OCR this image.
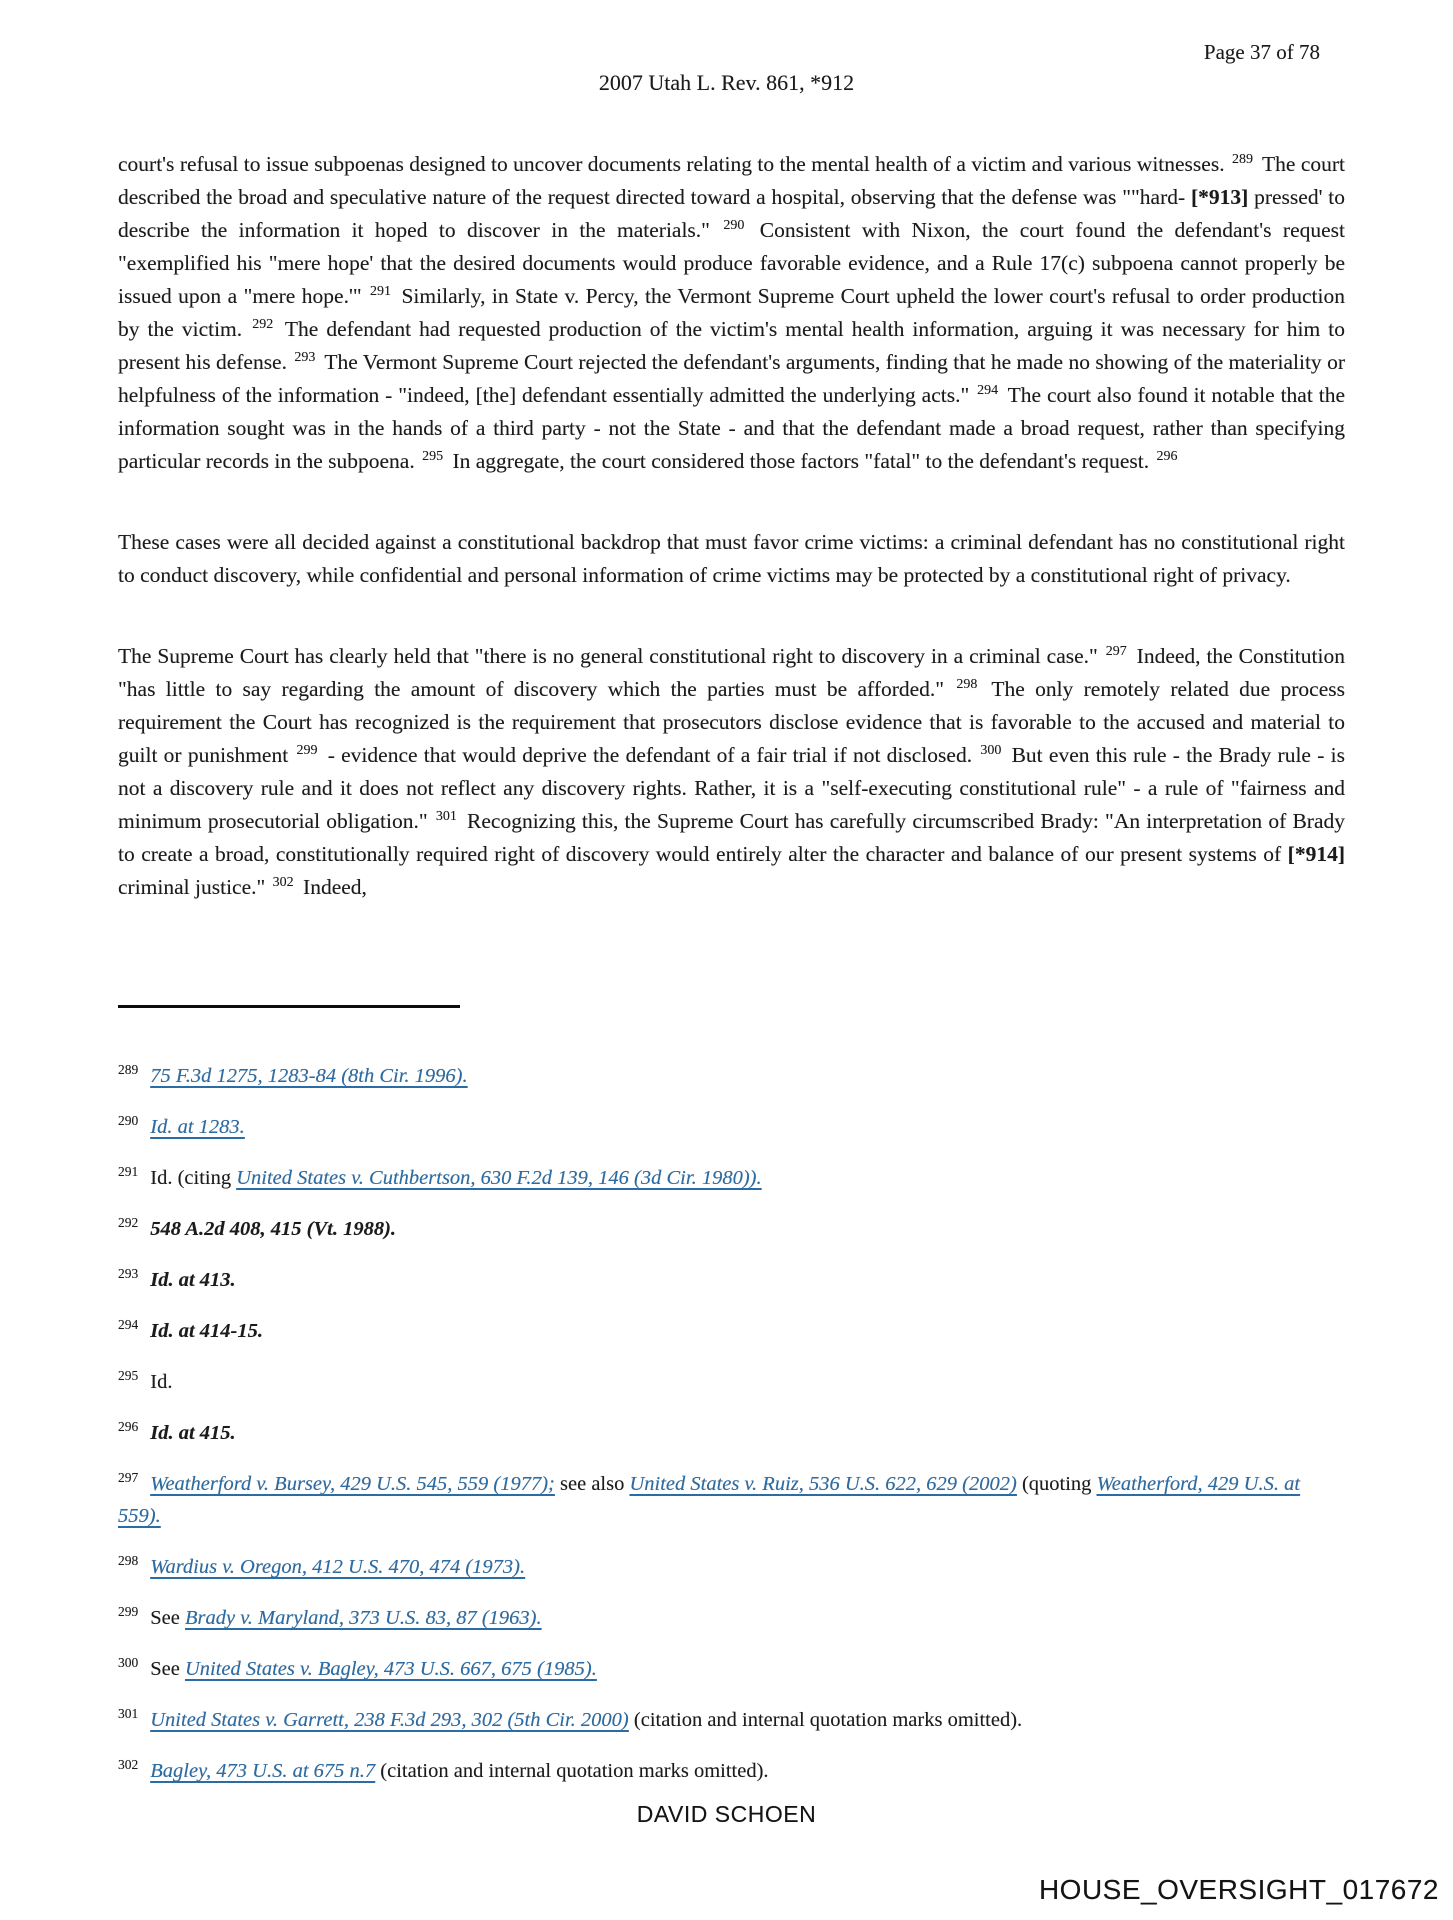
Page 37 of 78
2007 Utah L. Rev. 861, *912

court's refusal to issue subpoenas designed to uncover documents relating to the mental health of a victim and various witnesses. $^{289}$ The court described the broad and speculative nature of the request directed toward a hospital, observing that the defense was ""hard- [*913] pressed' to describe the information it hoped to discover in the materials." $^{290}$ Consistent with Nixon, the court found the defendant's request "exemplified his "mere hope' that the desired documents would produce favorable evidence, and a Rule 17(c) subpoena cannot properly be issued upon a "mere hope.'" $^{291}$ Similarly, in State v. Percy, the Vermont Supreme Court upheld the lower court's refusal to order production by the victim. $^{292}$ The defendant had requested production of the victim's mental health information, arguing it was necessary for him to present his defense. $^{293}$ The Vermont Supreme Court rejected the defendant's arguments, finding that he made no showing of the materiality or helpfulness of the information - "indeed, [the] defendant essentially admitted the underlying acts." $^{294}$ The court also found it notable that the information sought was in the hands of a third party - not the State - and that the defendant made a broad request, rather than specifying particular records in the subpoena. $^{295}$ In aggregate, the court considered those factors "fatal" to the defendant's request. $^{296}$

These cases were all decided against a constitutional backdrop that must favor crime victims: a criminal defendant has no constitutional right to conduct discovery, while confidential and personal information of crime victims may be protected by a constitutional right of privacy.

The Supreme Court has clearly held that "there is no general constitutional right to discovery in a criminal case." $^{297}$ Indeed, the Constitution "has little to say regarding the amount of discovery which the parties must be afforded." $^{298}$ The only remotely related due process requirement the Court has recognized is the requirement that prosecutors disclose evidence that is favorable to the accused and material to guilt or punishment $^{299}$ - evidence that would deprive the defendant of a fair trial if not disclosed. $^{300}$ But even this rule - the Brady rule - is not a discovery rule and it does not reflect any discovery rights. Rather, it is a "self-executing constitutional rule" - a rule of "fairness and minimum prosecutorial obligation." $^{301}$ Recognizing this, the Supreme Court has carefully circumscribed Brady: "An interpretation of Brady to create a broad, constitutionally required right of discovery would entirely alter the character and balance of our present systems of [*914] criminal justice." $^{302}$ Indeed,

$^{289}$ 75 F.3d 1275, 1283-84 (8th Cir. 1996).
$^{290}$ Id. at 1283.
$^{291}$ Id. (citing United States v. Cuthbertson, 630 F.2d 139, 146 (3d Cir. 1980)).
$^{292}$ 548 A.2d 408, 415 (Vt. 1988).
$^{293}$ Id. at 413.
$^{294}$ Id. at 414-15.
$^{295}$ Id.
$^{296}$ Id. at 415.
$^{297}$ Weatherford v. Bursey, 429 U.S. 545, 559 (1977); see also United States v. Ruiz, 536 U.S. 622, 629 (2002) (quoting Weatherford, 429 U.S. at 559).
$^{298}$ Wardius v. Oregon, 412 U.S. 470, 474 (1973).
$^{299}$ See Brady v. Maryland, 373 U.S. 83, 87 (1963).
$^{300}$ See United States v. Bagley, 473 U.S. 667, 675 (1985).
$^{301}$ United States v. Garrett, 238 F.3d 293, 302 (5th Cir. 2000) (citation and internal quotation marks omitted).
$^{302}$ Bagley, 473 U.S. at 675 n.7 (citation and internal quotation marks omitted).
DAVID SCHOEN
HOUSE_OVERSIGHT_017672
